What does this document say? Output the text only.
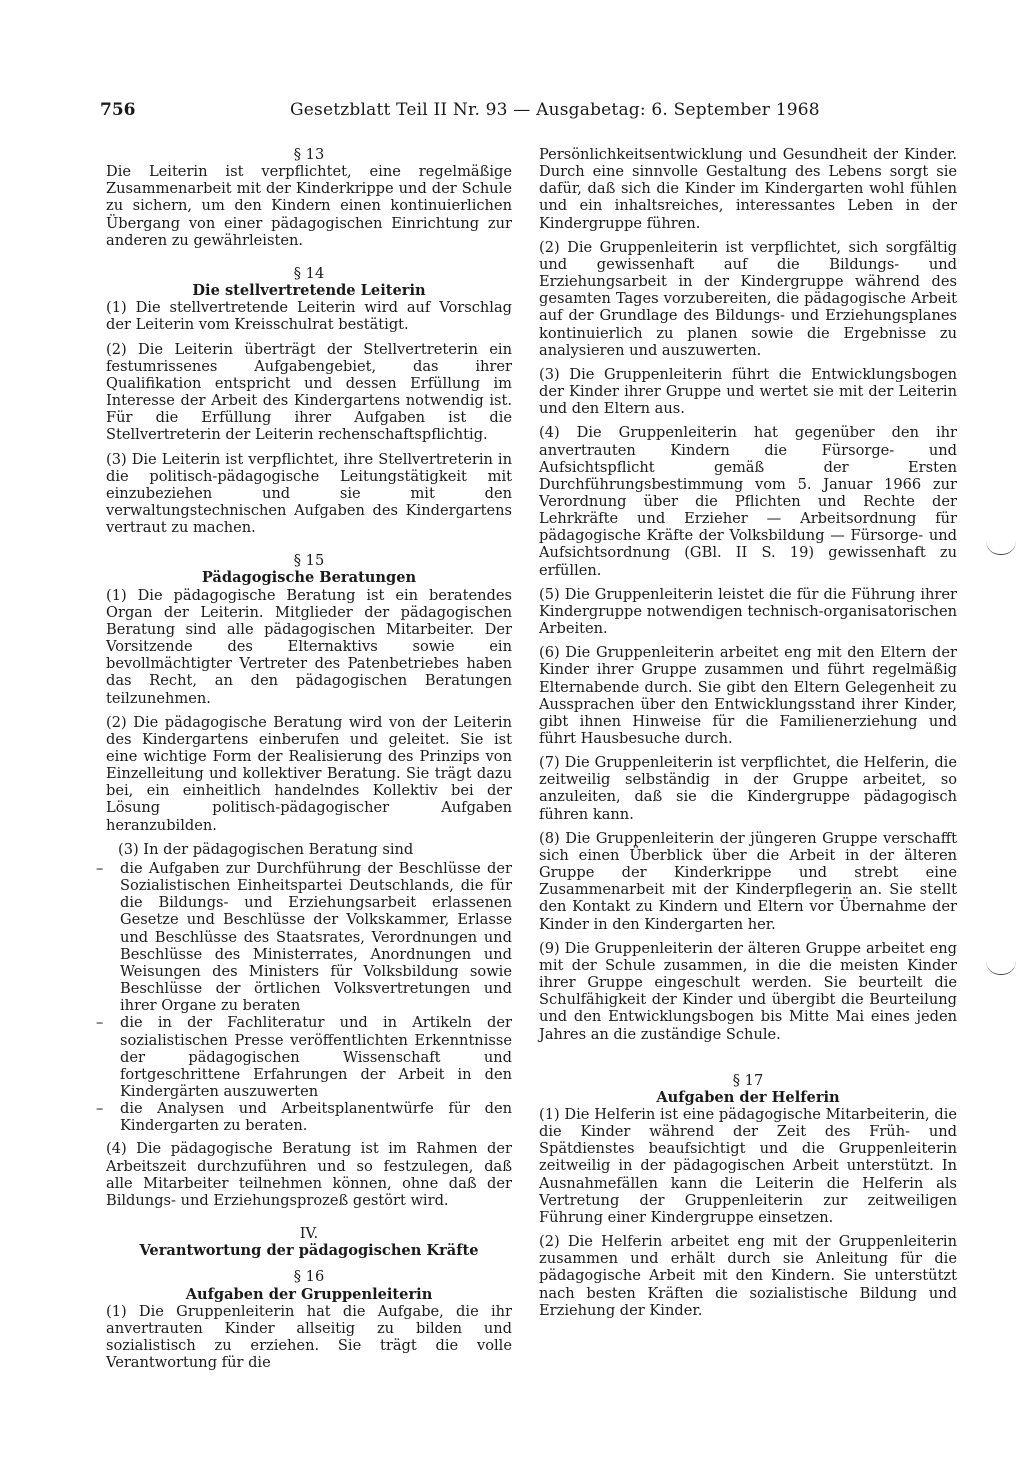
756	Gesetzblatt Teil II Nr. 93 — Ausgabetag: 6. September 1968
§ 13

Die Leiterin ist verpflichtet, eine regelmäßige Zusammenarbeit mit der Kinderkrippe und der Schule zu sichern, um den Kindern einen kontinuierlichen Übergang von einer pädagogischen Einrichtung zur anderen zu gewährleisten.

§ 14
Die stellvertretende Leiterin

(1) Die stellvertretende Leiterin wird auf Vorschlag der Leiterin vom Kreisschulrat bestätigt.

(2) Die Leiterin überträgt der Stellvertreterin ein festumrissenes Aufgabengebiet, das ihrer Qualifikation entspricht und dessen Erfüllung im Interesse der Arbeit des Kindergartens notwendig ist. Für die Erfüllung ihrer Aufgaben ist die Stellvertreterin der Leiterin rechenschaftspflichtig.

(3) Die Leiterin ist verpflichtet, ihre Stellvertreterin in die politisch-pädagogische Leitungstätigkeit mit einzubeziehen und sie mit den verwaltungstechnischen Aufgaben des Kindergartens vertraut zu machen.

§ 15
Pädagogische Beratungen

(1) Die pädagogische Beratung ist ein beratendes Organ der Leiterin. Mitglieder der pädagogischen Beratung sind alle pädagogischen Mitarbeiter. Der Vorsitzende des Elternaktivs sowie ein bevollmächtigter Vertreter des Patenbetriebes haben das Recht, an den pädagogischen Beratungen teilzunehmen.

(2) Die pädagogische Beratung wird von der Leiterin des Kindergartens einberufen und geleitet. Sie ist eine wichtige Form der Realisierung des Prinzips von Einzelleitung und kollektiver Beratung. Sie trägt dazu bei, ein einheitlich handelndes Kollektiv bei der Lösung politisch-pädagogischer Aufgaben heranzubilden.

(3) In der pädagogischen Beratung sind
– die Aufgaben zur Durchführung der Beschlüsse der Sozialistischen Einheitspartei Deutschlands, die für die Bildungs- und Erziehungsarbeit erlassenen Gesetze und Beschlüsse der Volkskammer, Erlasse und Beschlüsse des Staatsrates, Verordnungen und Beschlüsse des Ministerrates, Anordnungen und Weisungen des Ministers für Volksbildung sowie Beschlüsse der örtlichen Volksvertretungen und ihrer Organe zu beraten
– die in der Fachliteratur und in Artikeln der sozialistischen Presse veröffentlichten Erkenntnisse der pädagogischen Wissenschaft und fortgeschrittene Erfahrungen der Arbeit in den Kindergärten auszuwerten
– die Analysen und Arbeitsplanentwürfe für den Kindergarten zu beraten.

(4) Die pädagogische Beratung ist im Rahmen der Arbeitszeit durchzuführen und so festzulegen, daß alle Mitarbeiter teilnehmen können, ohne daß der Bildungs- und Erziehungsprozeß gestört wird.

IV.
Verantwortung der pädagogischen Kräfte
§ 16
Aufgaben der Gruppenleiterin

(1) Die Gruppenleiterin hat die Aufgabe, die ihr anvertrauten Kinder allseitig zu bilden und sozialistisch zu erziehen. Sie trägt die volle Verantwortung für die

Persönlichkeitsentwicklung und Gesundheit der Kinder. Durch eine sinnvolle Gestaltung des Lebens sorgt sie dafür, daß sich die Kinder im Kindergarten wohl fühlen und ein inhaltsreiches, interessantes Leben in der Kindergruppe führen.

(2) Die Gruppenleiterin ist verpflichtet, sich sorgfältig und gewissenhaft auf die Bildungs- und Erziehungsarbeit in der Kindergruppe während des gesamten Tages vorzubereiten, die pädagogische Arbeit auf der Grundlage des Bildungs- und Erziehungsplanes kontinuierlich zu planen sowie die Ergebnisse zu analysieren und auszuwerten.

(3) Die Gruppenleiterin führt die Entwicklungsbogen der Kinder ihrer Gruppe und wertet sie mit der Leiterin und den Eltern aus.

(4) Die Gruppenleiterin hat gegenüber den ihr anvertrauten Kindern die Fürsorge- und Aufsichtspflicht gemäß der Ersten Durchführungsbestimmung vom 5. Januar 1966 zur Verordnung über die Pflichten und Rechte der Lehrkräfte und Erzieher — Arbeitsordnung für pädagogische Kräfte der Volksbildung — Fürsorge- und Aufsichtsordnung (GBl. II S. 19) gewissenhaft zu erfüllen.

(5) Die Gruppenleiterin leistet die für die Führung ihrer Kindergruppe notwendigen technisch-organisatorischen Arbeiten.

(6) Die Gruppenleiterin arbeitet eng mit den Eltern der Kinder ihrer Gruppe zusammen und führt regelmäßig Elternabende durch. Sie gibt den Eltern Gelegenheit zu Aussprachen über den Entwicklungsstand ihrer Kinder, gibt ihnen Hinweise für die Familienerziehung und führt Hausbesuche durch.

(7) Die Gruppenleiterin ist verpflichtet, die Helferin, die zeitweilig selbständig in der Gruppe arbeitet, so anzuleiten, daß sie die Kindergruppe pädagogisch führen kann.

(8) Die Gruppenleiterin der jüngeren Gruppe verschafft sich einen Überblick über die Arbeit in der älteren Gruppe der Kinderkrippe und strebt eine Zusammenarbeit mit der Kinderpflegerin an. Sie stellt den Kontakt zu Kindern und Eltern vor Übernahme der Kinder in den Kindergarten her.

(9) Die Gruppenleiterin der älteren Gruppe arbeitet eng mit der Schule zusammen, in die die meisten Kinder ihrer Gruppe eingeschult werden. Sie beurteilt die Schulfähigkeit der Kinder und übergibt die Beurteilung und den Entwicklungsbogen bis Mitte Mai eines jeden Jahres an die zuständige Schule.

§ 17
Aufgaben der Helferin

(1) Die Helferin ist eine pädagogische Mitarbeiterin, die die Kinder während der Zeit des Früh- und Spätdienstes beaufsichtigt und die Gruppenleiterin zeitweilig in der pädagogischen Arbeit unterstützt. In Ausnahmefällen kann die Leiterin die Helferin als Vertretung der Gruppenleiterin zur zeitweiligen Führung einer Kindergruppe einsetzen.

(2) Die Helferin arbeitet eng mit der Gruppenleiterin zusammen und erhält durch sie Anleitung für die pädagogische Arbeit mit den Kindern. Sie unterstützt nach besten Kräften die sozialistische Bildung und Erziehung der Kinder.
